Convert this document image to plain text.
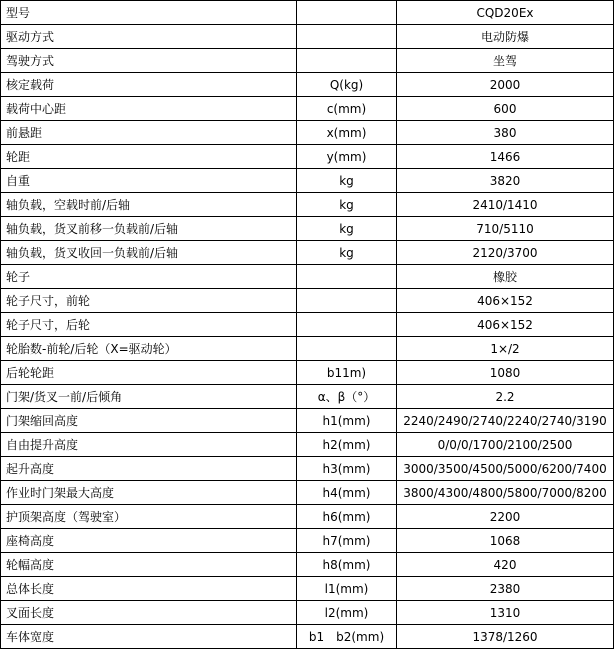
型号		CQD20Ex
驱动方式		电动防爆
驾驶方式		坐驾
核定载荷	Q(kg)	2000
载荷中心距	c(mm)	600
前悬距	x(mm)	380
轮距	y(mm)	1466
自重	kg	3820
轴负载，空载时前/后轴	kg	2410/1410
轴负载，货叉前移一负载前/后轴	kg	710/5110
轴负载，货叉收回一负载前/后轴	kg	2120/3700
轮子		橡胶
轮子尺寸，前轮		406×152
轮子尺寸，后轮		406×152
轮胎数-前轮/后轮（X=驱动轮）		1×/2
后轮轮距	b11m)	1080
门架/货叉一前/后倾角	α、β（°）	2.2
门架缩回高度	h1(mm)	2240/2490/2740/2240/2740/3190
自由提升高度	h2(mm)	0/0/0/1700/2100/2500
起升高度	h3(mm)	3000/3500/4500/5000/6200/7400
作业时门架最大高度	h4(mm)	3800/4300/4800/5800/7000/8200
护顶架高度（驾驶室）	h6(mm)	2200
座椅高度	h7(mm)	1068
轮幅高度	h8(mm)	420
总体长度	l1(mm)	2380
叉面长度	l2(mm)	1310
车体宽度	b1　b2(mm)	1378/1260
